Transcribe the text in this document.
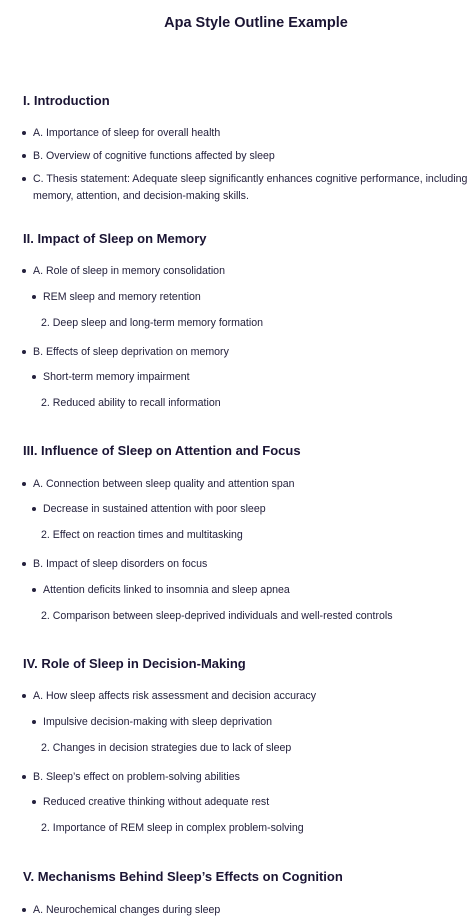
Apa Style Outline Example
I. Introduction
A. Importance of sleep for overall health
B. Overview of cognitive functions affected by sleep
C. Thesis statement: Adequate sleep significantly enhances cognitive performance, including
memory, attention, and decision-making skills.
II. Impact of Sleep on Memory
A. Role of sleep in memory consolidation
REM sleep and memory retention
2. Deep sleep and long-term memory formation
B. Effects of sleep deprivation on memory
Short-term memory impairment
2. Reduced ability to recall information
III. Influence of Sleep on Attention and Focus
A. Connection between sleep quality and attention span
Decrease in sustained attention with poor sleep
2. Effect on reaction times and multitasking
B. Impact of sleep disorders on focus
Attention deficits linked to insomnia and sleep apnea
2. Comparison between sleep-deprived individuals and well-rested controls
IV. Role of Sleep in Decision-Making
A. How sleep affects risk assessment and decision accuracy
Impulsive decision-making with sleep deprivation
2. Changes in decision strategies due to lack of sleep
B. Sleep’s effect on problem-solving abilities
Reduced creative thinking without adequate rest
2. Importance of REM sleep in complex problem-solving
V. Mechanisms Behind Sleep’s Effects on Cognition
A. Neurochemical changes during sleep
